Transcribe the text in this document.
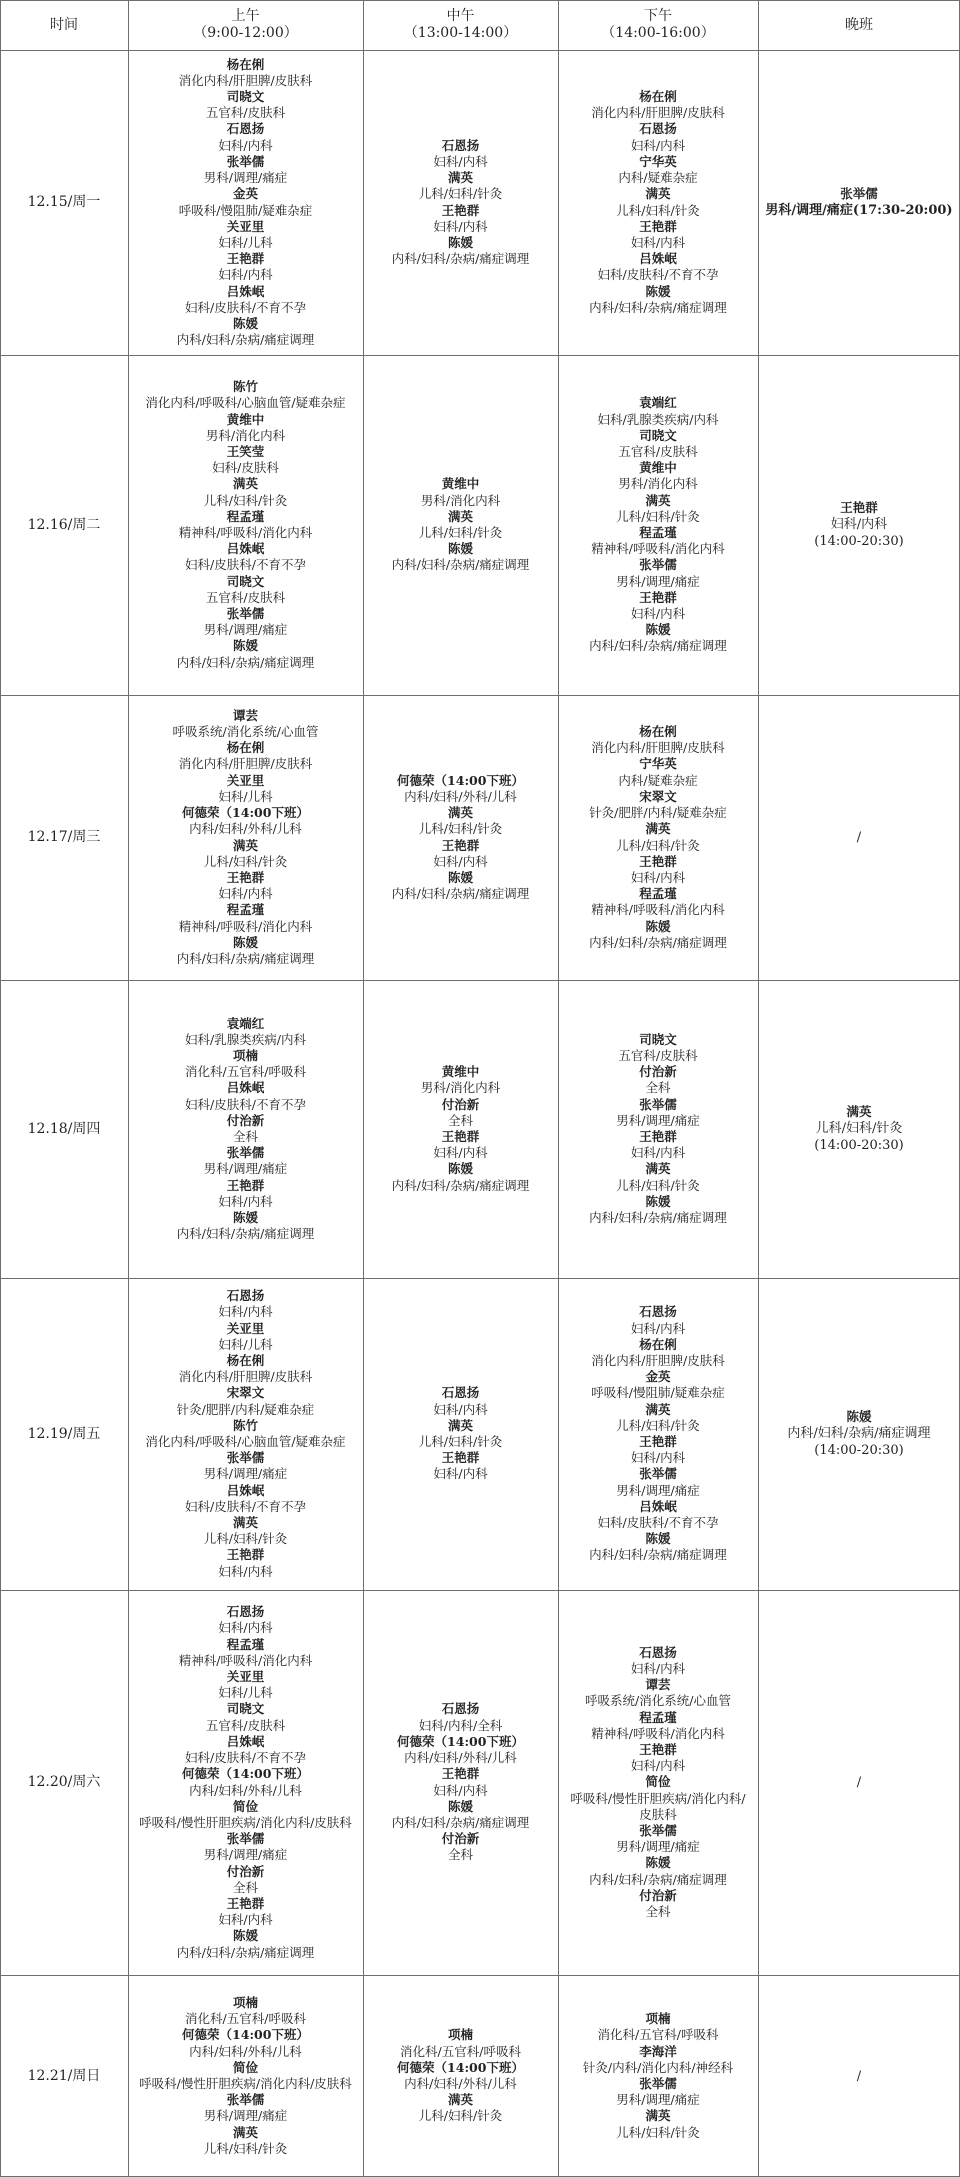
时间
上午
（9:00-12:00）
中午
（13:00-14:00）
下午
（14:00-16:00）
晚班
12.15/周一
杨在俐
消化内科/肝胆脾/皮肤科
司晓文
五官科/皮肤科
石恩扬
妇科/内科
张举儒
男科/调理/痛症
金英
呼吸科/慢阻肺/疑难杂症
关亚里
妇科/儿科
王艳群
妇科/内科
吕姝岷
妇科/皮肤科/不育不孕
陈媛
内科/妇科/杂病/痛症调理
石恩扬
妇科/内科
满英
儿科/妇科/针灸
王艳群
妇科/内科
陈媛
内科/妇科/杂病/痛症调理
杨在俐
消化内科/肝胆脾/皮肤科
石恩扬
妇科/内科
宁华英
内科/疑难杂症
满英
儿科/妇科/针灸
王艳群
妇科/内科
吕姝岷
妇科/皮肤科/不育不孕
陈媛
内科/妇科/杂病/痛症调理
张举儒
男科/调理/痛症(17:30-20:00)
12.16/周二
陈竹
消化内科/呼吸科/心脑血管/疑难杂症
黄维中
男科/消化内科
王笑莹
妇科/皮肤科
满英
儿科/妇科/针灸
程孟瑾
精神科/呼吸科/消化内科
吕姝岷
妇科/皮肤科/不育不孕
司晓文
五官科/皮肤科
张举儒
男科/调理/痛症
陈媛
内科/妇科/杂病/痛症调理
黄维中
男科/消化内科
满英
儿科/妇科/针灸
陈媛
内科/妇科/杂病/痛症调理
袁端红
妇科/乳腺类疾病/内科
司晓文
五官科/皮肤科
黄维中
男科/消化内科
满英
儿科/妇科/针灸
程孟瑾
精神科/呼吸科/消化内科
张举儒
男科/调理/痛症
王艳群
妇科/内科
陈媛
内科/妇科/杂病/痛症调理
王艳群
妇科/内科
(14:00-20:30)
12.17/周三
谭芸
呼吸系统/消化系统/心血管
杨在俐
消化内科/肝胆脾/皮肤科
关亚里
妇科/儿科
何德荣（14:00下班）
内科/妇科/外科/儿科
满英
儿科/妇科/针灸
王艳群
妇科/内科
程孟瑾
精神科/呼吸科/消化内科
陈媛
内科/妇科/杂病/痛症调理
何德荣（14:00下班）
内科/妇科/外科/儿科
满英
儿科/妇科/针灸
王艳群
妇科/内科
陈媛
内科/妇科/杂病/痛症调理
杨在俐
消化内科/肝胆脾/皮肤科
宁华英
内科/疑难杂症
宋翠文
针灸/肥胖/内科/疑难杂症
满英
儿科/妇科/针灸
王艳群
妇科/内科
程孟瑾
精神科/呼吸科/消化内科
陈媛
内科/妇科/杂病/痛症调理
/
12.18/周四
袁端红
妇科/乳腺类疾病/内科
项楠
消化科/五官科/呼吸科
吕姝岷
妇科/皮肤科/不育不孕
付治新
全科
张举儒
男科/调理/痛症
王艳群
妇科/内科
陈媛
内科/妇科/杂病/痛症调理
黄维中
男科/消化内科
付治新
全科
王艳群
妇科/内科
陈媛
内科/妇科/杂病/痛症调理
司晓文
五官科/皮肤科
付治新
全科
张举儒
男科/调理/痛症
王艳群
妇科/内科
满英
儿科/妇科/针灸
陈媛
内科/妇科/杂病/痛症调理
满英
儿科/妇科/针灸
(14:00-20:30)
12.19/周五
石恩扬
妇科/内科
关亚里
妇科/儿科
杨在俐
消化内科/肝胆脾/皮肤科
宋翠文
针灸/肥胖/内科/疑难杂症
陈竹
消化内科/呼吸科/心脑血管/疑难杂症
张举儒
男科/调理/痛症
吕姝岷
妇科/皮肤科/不育不孕
满英
儿科/妇科/针灸
王艳群
妇科/内科
石恩扬
妇科/内科
满英
儿科/妇科/针灸
王艳群
妇科/内科
石恩扬
妇科/内科
杨在俐
消化内科/肝胆脾/皮肤科
金英
呼吸科/慢阻肺/疑难杂症
满英
儿科/妇科/针灸
王艳群
妇科/内科
张举儒
男科/调理/痛症
吕姝岷
妇科/皮肤科/不育不孕
陈媛
内科/妇科/杂病/痛症调理
陈媛
内科/妇科/杂病/痛症调理
(14:00-20:30)
12.20/周六
石恩扬
妇科/内科
程孟瑾
精神科/呼吸科/消化内科
关亚里
妇科/儿科
司晓文
五官科/皮肤科
吕姝岷
妇科/皮肤科/不育不孕
何德荣（14:00下班）
内科/妇科/外科/儿科
简俭
呼吸科/慢性肝胆疾病/消化内科/皮肤科
张举儒
男科/调理/痛症
付治新
全科
王艳群
妇科/内科
陈媛
内科/妇科/杂病/痛症调理
石恩扬
妇科/内科/全科
何德荣（14:00下班）
内科/妇科/外科/儿科
王艳群
妇科/内科
陈媛
内科/妇科/杂病/痛症调理
付治新
全科
石恩扬
妇科/内科
谭芸
呼吸系统/消化系统/心血管
程孟瑾
精神科/呼吸科/消化内科
王艳群
妇科/内科
简俭
呼吸科/慢性肝胆疾病/消化内科/
皮肤科
张举儒
男科/调理/痛症
陈媛
内科/妇科/杂病/痛症调理
付治新
全科
/
12.21/周日
项楠
消化科/五官科/呼吸科
何德荣（14:00下班）
内科/妇科/外科/儿科
简俭
呼吸科/慢性肝胆疾病/消化内科/皮肤科
张举儒
男科/调理/痛症
满英
儿科/妇科/针灸
项楠
消化科/五官科/呼吸科
何德荣（14:00下班）
内科/妇科/外科/儿科
满英
儿科/妇科/针灸
项楠
消化科/五官科/呼吸科
李海洋
针灸/内科/消化内科/神经科
张举儒
男科/调理/痛症
满英
儿科/妇科/针灸
/
